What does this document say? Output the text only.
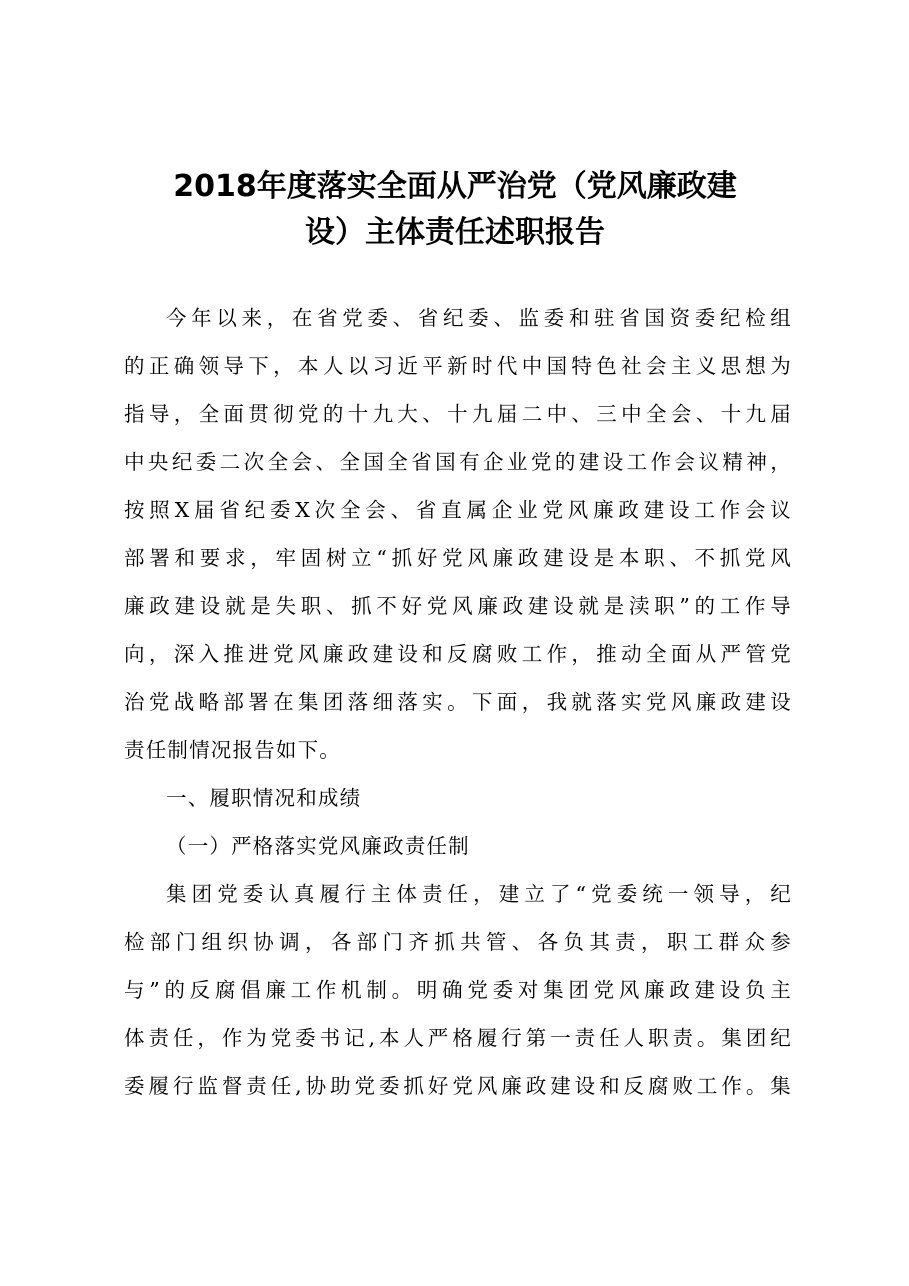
2018年度落实全面从严治党（党风廉政建
设）主体责任述职报告
今年以来，在省党委、省纪委、监委和驻省国资委纪检组
的正确领导下，本人以习近平新时代中国特色社会主义思想为
指导，全面贯彻党的十九大、十九届二中、三中全会、十九届
中央纪委二次全会、全国全省国有企业党的建设工作会议精神，
按照X届省纪委X次全会、省直属企业党风廉政建设工作会议
部署和要求，牢固树立“抓好党风廉政建设是本职、不抓党风
廉政建设就是失职、抓不好党风廉政建设就是渎职”的工作导
向，深入推进党风廉政建设和反腐败工作，推动全面从严管党
治党战略部署在集团落细落实。下面，我就落实党风廉政建设
责任制情况报告如下。
一、履职情况和成绩
（一）严格落实党风廉政责任制
集团党委认真履行主体责任，建立了“党委统一领导，纪
检部门组织协调，各部门齐抓共管、各负其责，职工群众参
与”的反腐倡廉工作机制。明确党委对集团党风廉政建设负主
体责任，作为党委书记,本人严格履行第一责任人职责。集团纪
委履行监督责任,协助党委抓好党风廉政建设和反腐败工作。集
